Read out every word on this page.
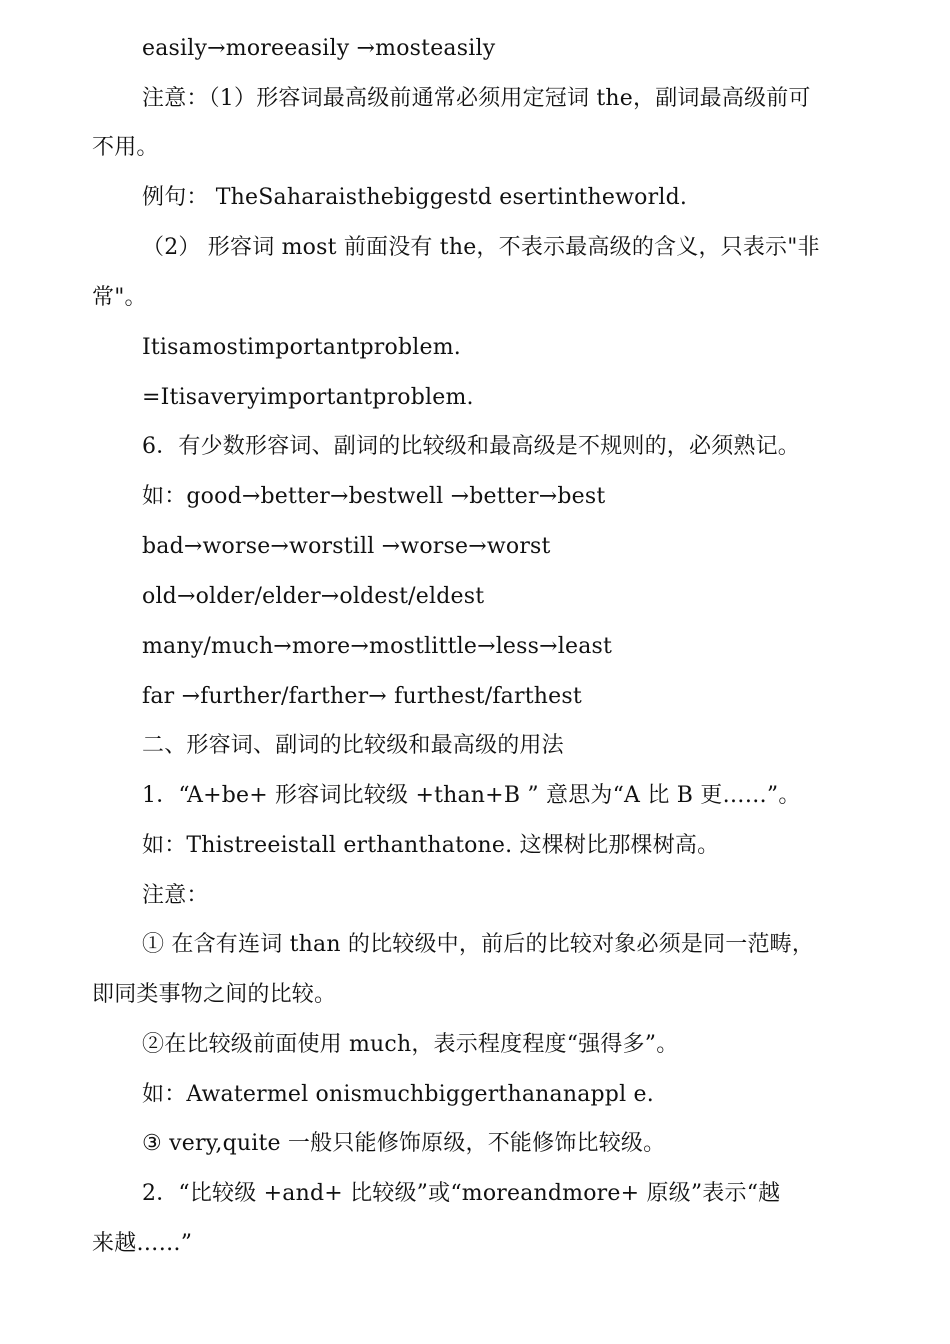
easily→moreeasily →mosteasily
注意：（1）形容词最高级前通常必须用定冠词 the，副词最高级前可
不用。
例句： TheSaharaisthebiggestd esertintheworld.
（2） 形容词 most 前面没有 the，不表示最高级的含义，只表示"非
常"。
Itisamostimportantproblem.
=Itisaveryimportantproblem.
6．有少数形容词、副词的比较级和最高级是不规则的，必须熟记。
如：good→better→bestwell →better→best
bad→worse→worstill →worse→worst
old→older/elder→oldest/eldest
many/much→more→mostlittle→less→least
far →further/farther→ furthest/farthest
二、形容词、副词的比较级和最高级的用法
1．“A+be+ 形容词比较级 +than+B ” 意思为“A 比 B 更……”。
如：Thistreeistall erthanthatone. 这棵树比那棵树高。
注意：
① 在含有连词 than 的比较级中，前后的比较对象必须是同一范畴，
即同类事物之间的比较。
②在比较级前面使用 much，表示程度程度“强得多”。
如：Awatermel onismuchbiggerthananappl e.
③ very,quite 一般只能修饰原级，不能修饰比较级。
2．“比较级 +and+ 比较级”或“moreandmore+ 原级”表示“越
来越……”
